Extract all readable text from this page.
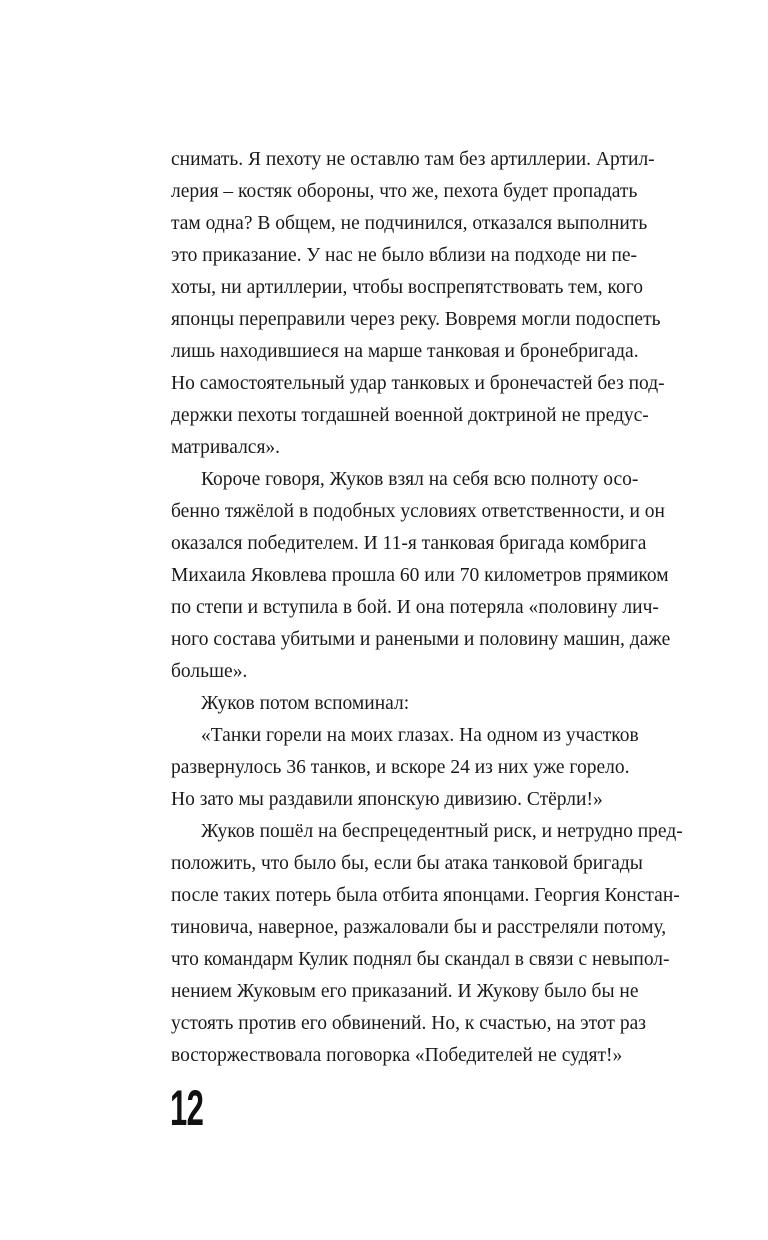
снимать. Я пехоту не оставлю там без артиллерии. Артил-
лерия – костяк обороны, что же, пехота будет пропадать
там одна? В общем, не подчинился, отказался выполнить
это приказание. У нас не было вблизи на подходе ни пе-
хоты, ни артиллерии, чтобы воспрепятствовать тем, кого
японцы переправили через реку. Вовремя могли подоспеть
лишь находившиеся на марше танковая и бронебригада.
Но самостоятельный удар танковых и бронечастей без под-
держки пехоты тогдашней военной доктриной не предус-
матривался».
Короче говоря, Жуков взял на себя всю полноту осо-
бенно тяжёлой в подобных условиях ответственности, и он
оказался победителем. И 11-я танковая бригада комбрига
Михаила Яковлева прошла 60 или 70 километров прямиком
по степи и вступила в бой. И она потеряла «половину лич-
ного состава убитыми и ранеными и половину машин, даже
больше».
Жуков потом вспоминал:
«Танки горели на моих глазах. На одном из участков
развернулось 36 танков, и вскоре 24 из них уже горело.
Но зато мы раздавили японскую дивизию. Стёрли!»
Жуков пошёл на беспрецедентный риск, и нетрудно пред-
положить, что было бы, если бы атака танковой бригады
после таких потерь была отбита японцами. Георгия Констан-
тиновича, наверное, разжаловали бы и расстреляли потому,
что командарм Кулик поднял бы скандал в связи с невыпол-
нением Жуковым его приказаний. И Жукову было бы не
устоять против его обвинений. Но, к счастью, на этот раз
восторжествовала поговорка «Победителей не судят!»
12
